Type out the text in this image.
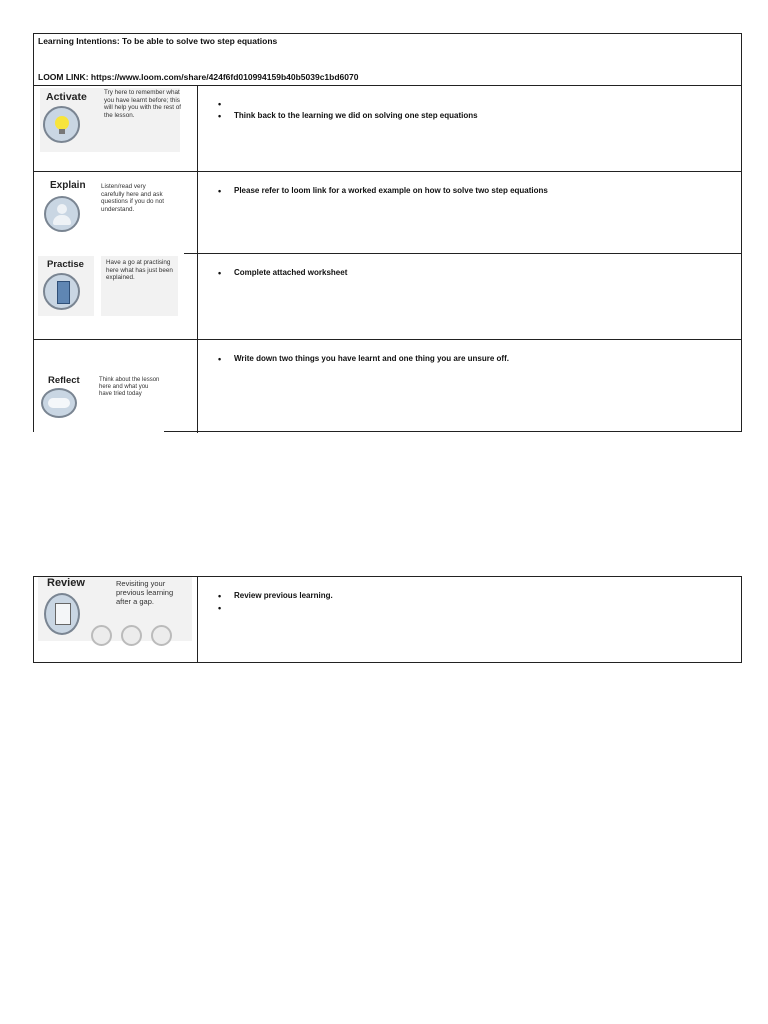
Learning Intentions: To be able to solve two step equations
LOOM LINK: https://www.loom.com/share/424f6fd010994159b40b5039c1bd6070
Activate	Try here to remember what you have learnt before; this will help you with the rest of the lesson.
•
•	Think back to the learning we did on solving one step equations
Explain Listen/read very carefully here and ask questions if you do not understand.
• Please refer to loom link for a worked example on how to solve two step equations
Practise	Have a go at practising here what has just been explained.
• Complete attached worksheet
Reflect	Think about the lesson here and what you have tried today
• Write down two things you have learnt and one thing you are unsure off.
Review	Revisiting your previous learning after a gap.
• Review previous learning.
•
